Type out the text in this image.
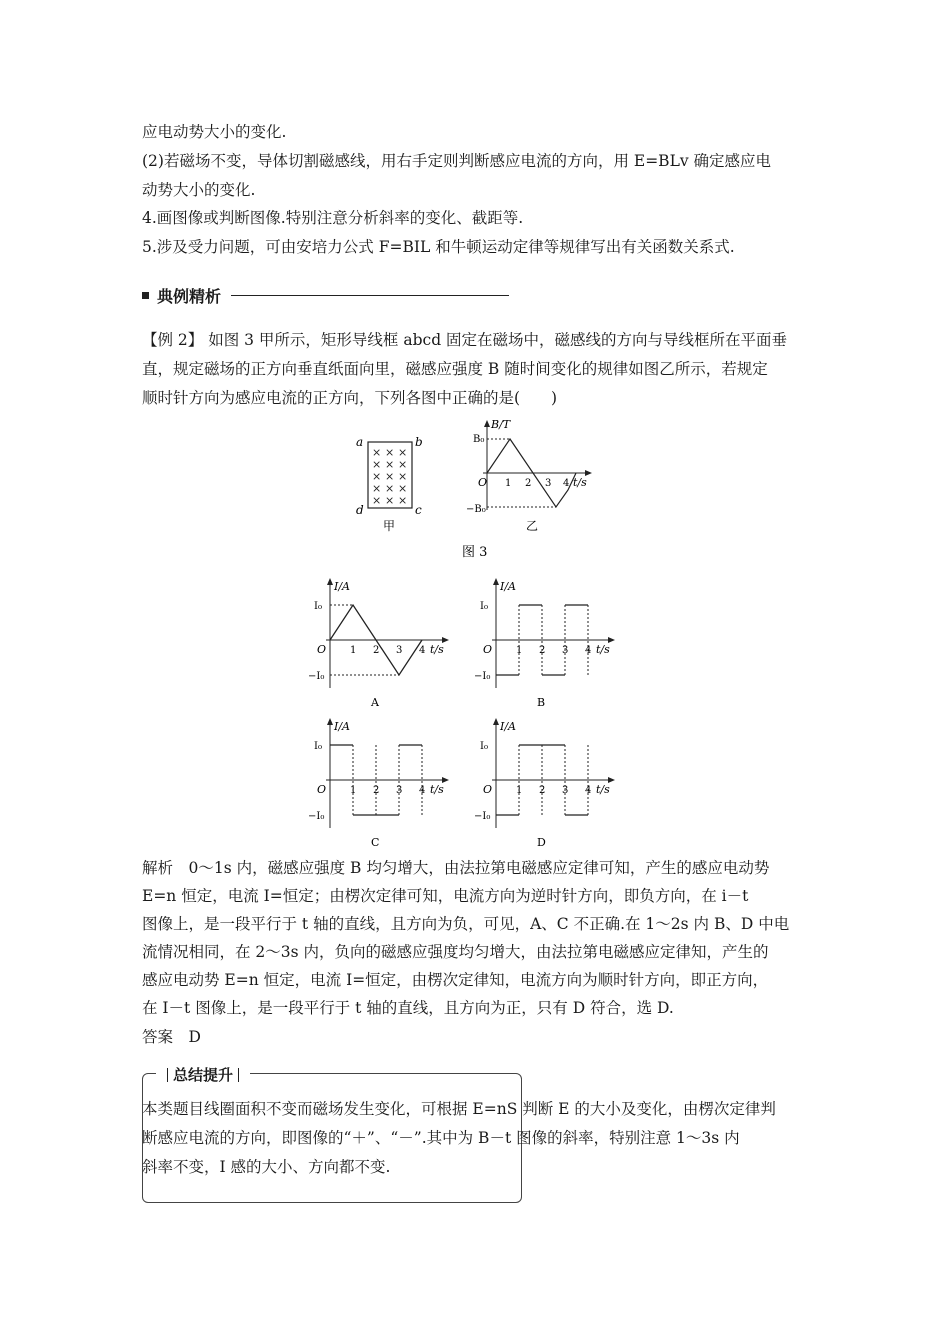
应电动势大小的变化.
(2)若磁场不变，导体切割磁感线，用右手定则判断感应电流的方向，用 E=BLv 确定感应电
动势大小的变化.
4.画图像或判断图像.特别注意分析斜率的变化、截距等.
5.涉及受力问题，可由安培力公式 F=BIL 和牛顿运动定律等规律写出有关函数关系式.
典例精析
【例 2】 如图 3 甲所示，矩形导线框 abcd 固定在磁场中，磁感线的方向与导线框所在平面垂
直，规定磁场的正方向垂直纸面向里，磁感应强度 B 随时间变化的规律如图乙所示，若规定
顺时针方向为感应电流的正方向，下列各图中正确的是(　　)
× × ×
× × ×
× × ×
× × ×
× × ×
a	b
d	c
甲
B/T
t/s
O
B₀
−B₀
1 2 3 4
乙
图 3
I/A
t/s
O
I₀
−I₀
1 2 3 4
A
I/A
t/s
O
I₀
−I₀
1 2 3 4
B
I/A
t/s
O
I₀
−I₀
1 2 3 4
C
I/A
t/s
O
I₀
−I₀
1 2 3 4
D
解析　0～1s 内，磁感应强度 B 均匀增大，由法拉第电磁感应定律可知，产生的感应电动势
E=n 恒定，电流 I=恒定；由楞次定律可知，电流方向为逆时针方向，即负方向，在 i－t
图像上，是一段平行于 t 轴的直线，且方向为负，可见，A、C 不正确.在 1～2s 内 B、D 中电
流情况相同，在 2～3s 内，负向的磁感应强度均匀增大，由法拉第电磁感应定律知，产生的
感应电动势 E=n 恒定，电流 I=恒定，由楞次定律知，电流方向为顺时针方向，即正方向，
在 I－t 图像上，是一段平行于 t 轴的直线，且方向为正，只有 D 符合，选 D.
答案　D
总结提升
本类题目线圈面积不变而磁场发生变化，可根据 E=nS 判断 E 的大小及变化，由楞次定律判
断感应电流的方向，即图像的“＋”、“－”.其中为 B－t 图像的斜率，特别注意 1～3s 内
斜率不变，I 感的大小、方向都不变.
